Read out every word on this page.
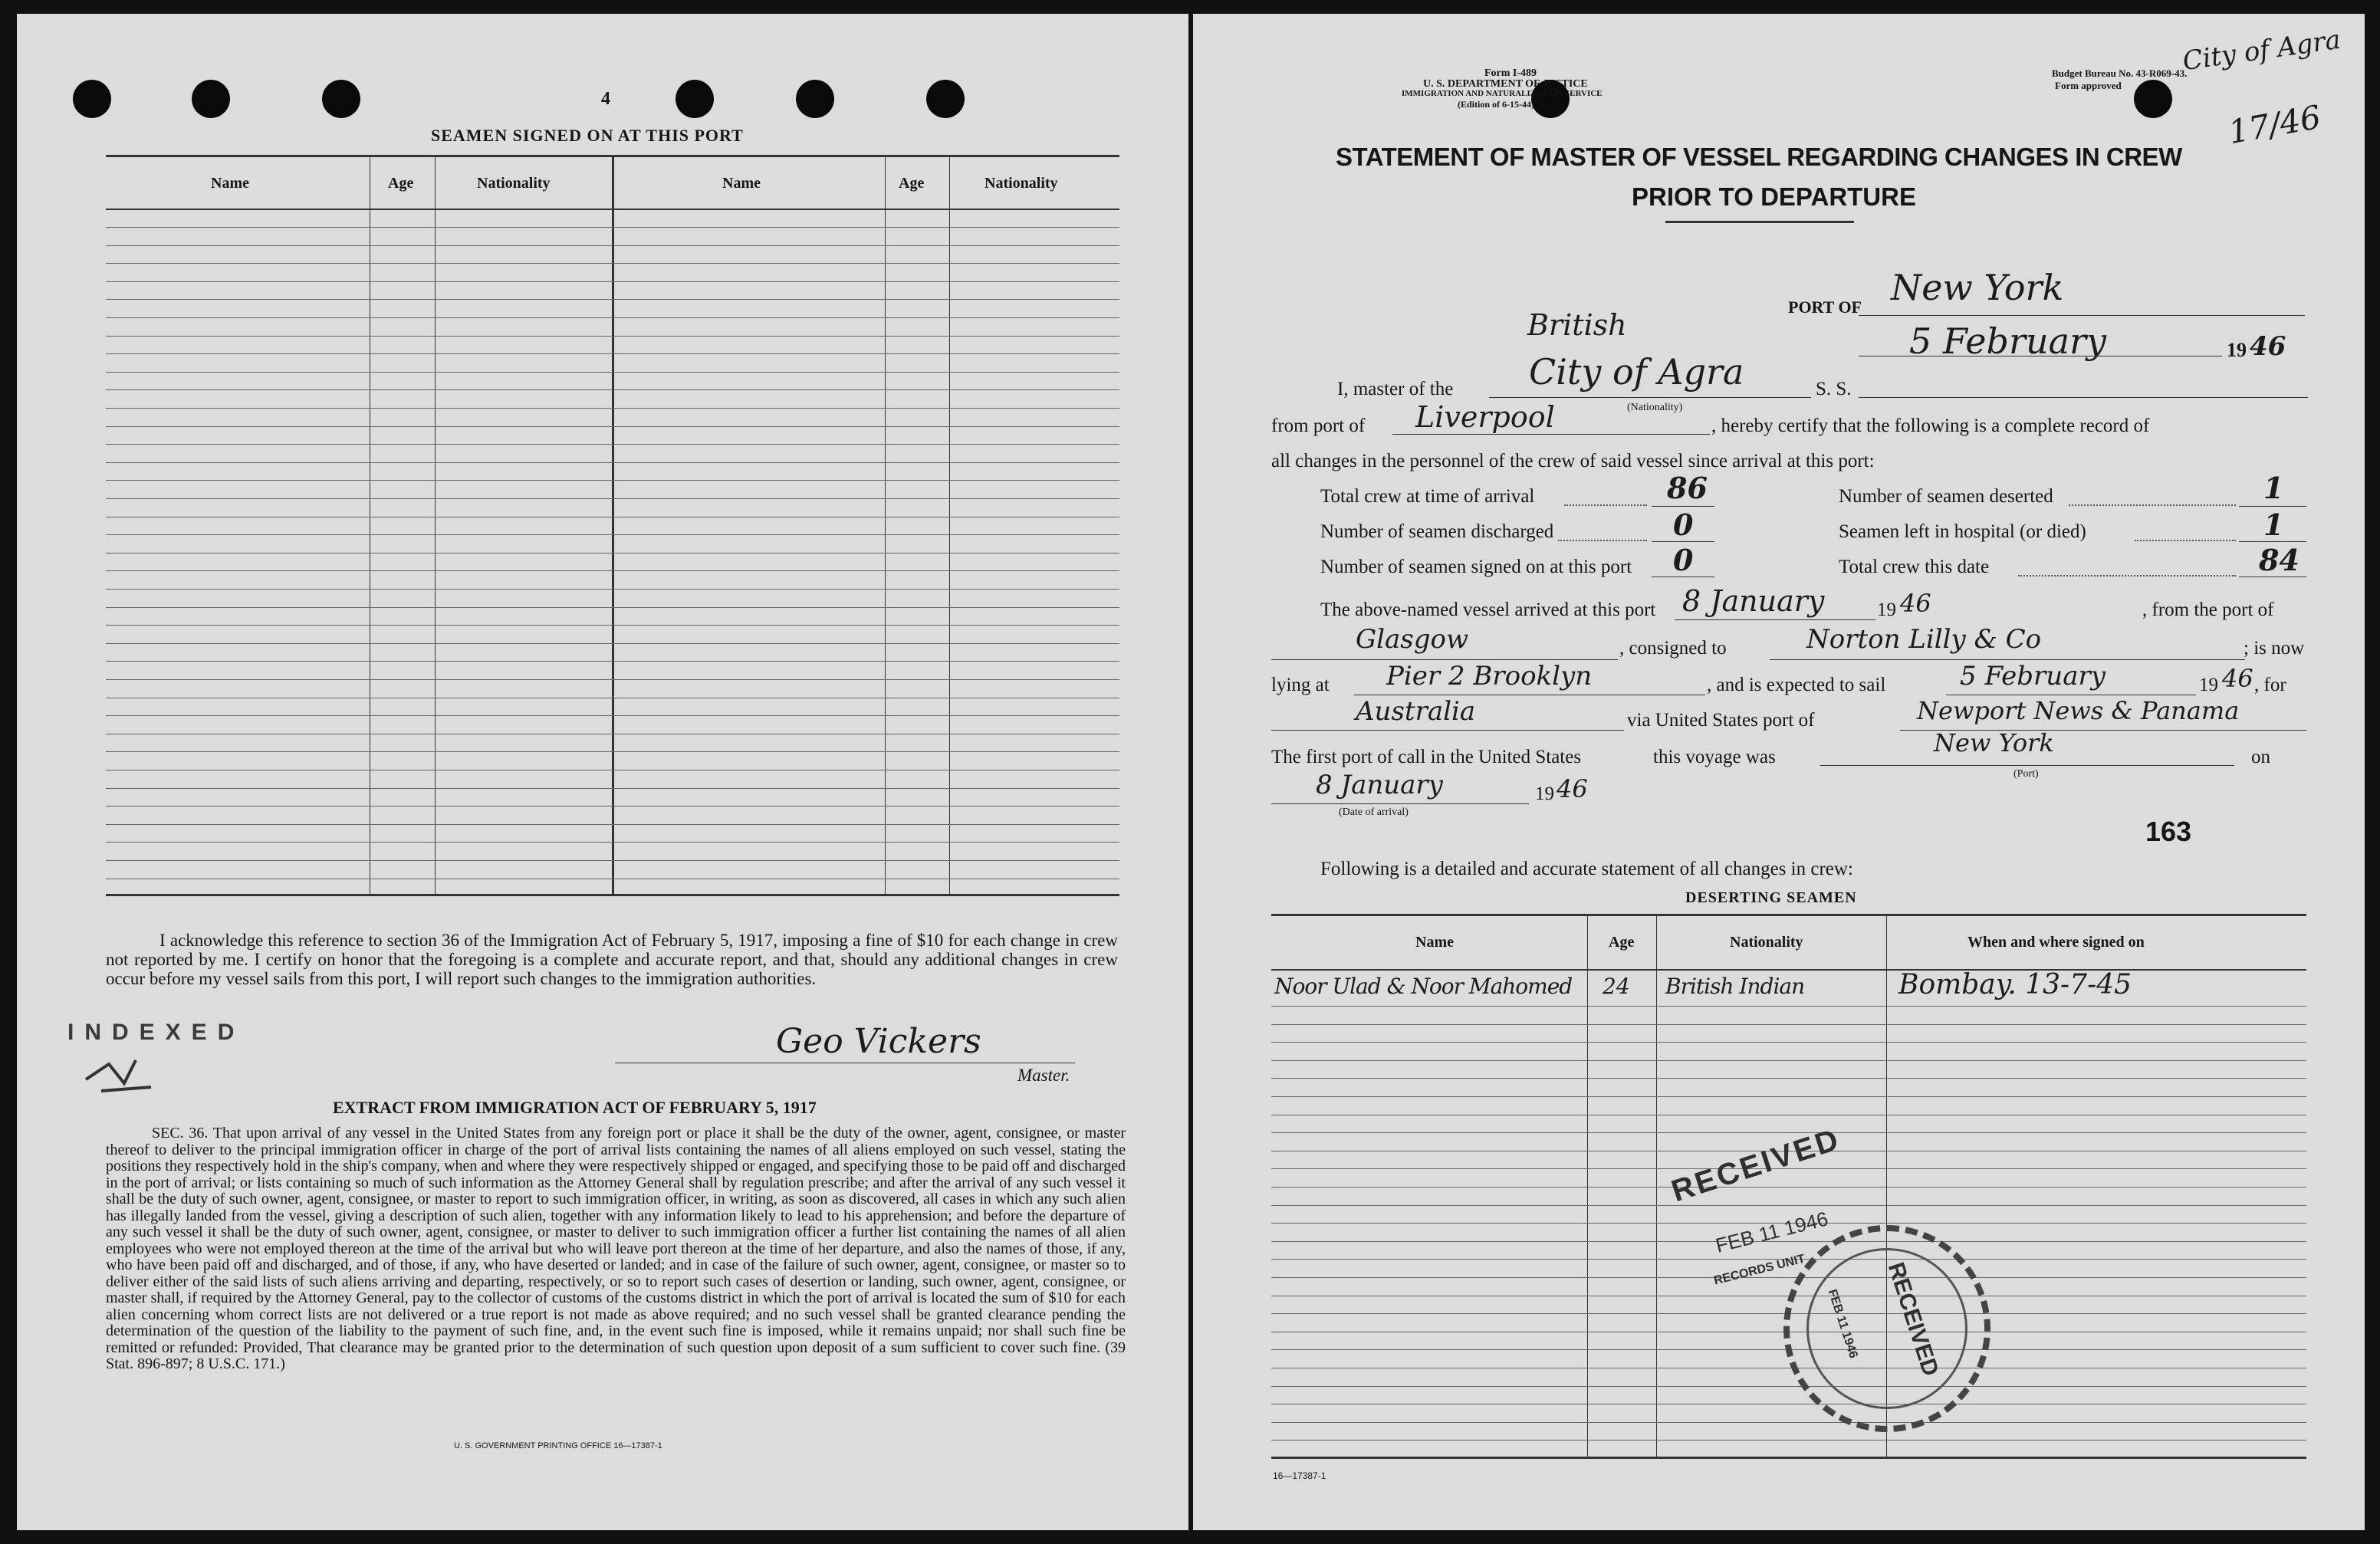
4
SEAMEN SIGNED ON AT THIS PORT
Name	Age	Nationality	Name	Age	Nationality
I acknowledge this reference to section 36 of the Immigration Act of February 5, 1917, imposing a fine of $10 for each change in crew not reported by me. I certify on honor that the foregoing is a complete and accurate report, and that, should any additional changes in crew occur before my vessel sails from this port, I will report such changes to the immigration authorities.
INDEXED	Geo Vickers
Master.
EXTRACT FROM IMMIGRATION ACT OF FEBRUARY 5, 1917
SEC. 36. That upon arrival of any vessel in the United States from any foreign port or place it shall be the duty of the owner, agent, consignee, or master thereof to deliver to the principal immigration officer in charge of the port of arrival lists containing the names of all aliens employed on such vessel, stating the positions they respectively hold in the ship's company, when and where they were respectively shipped or engaged, and specifying those to be paid off and discharged in the port of arrival; or lists containing so much of such information as the Attorney General shall by regulation prescribe; and after the arrival of any such vessel it shall be the duty of such owner, agent, consignee, or master to report to such immigration officer, in writing, as soon as discovered, all cases in which any such alien has illegally landed from the vessel, giving a description of such alien, together with any information likely to lead to his apprehension; and before the departure of any such vessel it shall be the duty of such owner, agent, consignee, or master to deliver to such immigration officer a further list containing the names of all alien employees who were not employed thereon at the time of the arrival but who will leave port thereon at the time of her departure, and also the names of those, if any, who have been paid off and discharged, and of those, if any, who have deserted or landed; and in case of the failure of such owner, agent, consignee, or master so to deliver either of the said lists of such aliens arriving and departing, respectively, or so to report such cases of desertion or landing, such owner, agent, consignee, or master shall, if required by the Attorney General, pay to the collector of customs of the customs district in which the port of arrival is located the sum of $10 for each alien concerning whom correct lists are not delivered or a true report is not made as above required; and no such vessel shall be granted clearance pending the determination of the question of the liability to the payment of such fine, and, in the event such fine is imposed, while it remains unpaid; nor shall such fine be remitted or refunded: Provided, That clearance may be granted prior to the determination of such question upon deposit of a sum sufficient to cover such fine. (39 Stat. 896-897; 8 U.S.C. 171.)
U. S. GOVERNMENT PRINTING OFFICE 16—17387-1
Form I-489
U. S. DEPARTMENT OF JUSTICE
IMMIGRATION AND NATURALIZATION SERVICE
(Edition of 6-15-44)
Budget Bureau No. 43-R069-43.
Form approved
City of Agra
17/46
STATEMENT OF MASTER OF VESSEL REGARDING CHANGES IN CREW
PRIOR TO DEPARTURE
PORT OF New York
5 February	19 46
British
I, master of the City of Agra	S. S.
from port of Liverpool	(Nationality)
, hereby certify that the following is a complete record of
all changes in the personnel of the crew of said vessel since arrival at this port:
Total crew at time of arrival	86
Number of seamen discharged	0
Number of seamen signed on at this port 0
Number of seamen deserted	1
Seamen left in hospital (or died)	1
Total crew this date	84
The above-named vessel arrived at this port 8 January	19 46	, from the port of
Glasgow	, consigned to	Norton Lilly & Co	; is now
lying at Pier 2 Brooklyn	, and is expected to sail	5 February	19 46 , for
Australia	via United States port of	Newport News & Panama
The first port of call in the United States	this voyage was	New York
(Port)
on
8 January
(Date of arrival)
19 46
163
Following is a detailed and accurate statement of all changes in crew:
DESERTING SEAMEN
Name	Age	Nationality	When and where signed on
Noor Ulad & Noor Mahomed 24 British Indian	Bombay. 13-7-45
RECEIVED
FEB 11 1946
RECORDS UNIT	RECEIVED
FEB 11 1946
16—17387-1
